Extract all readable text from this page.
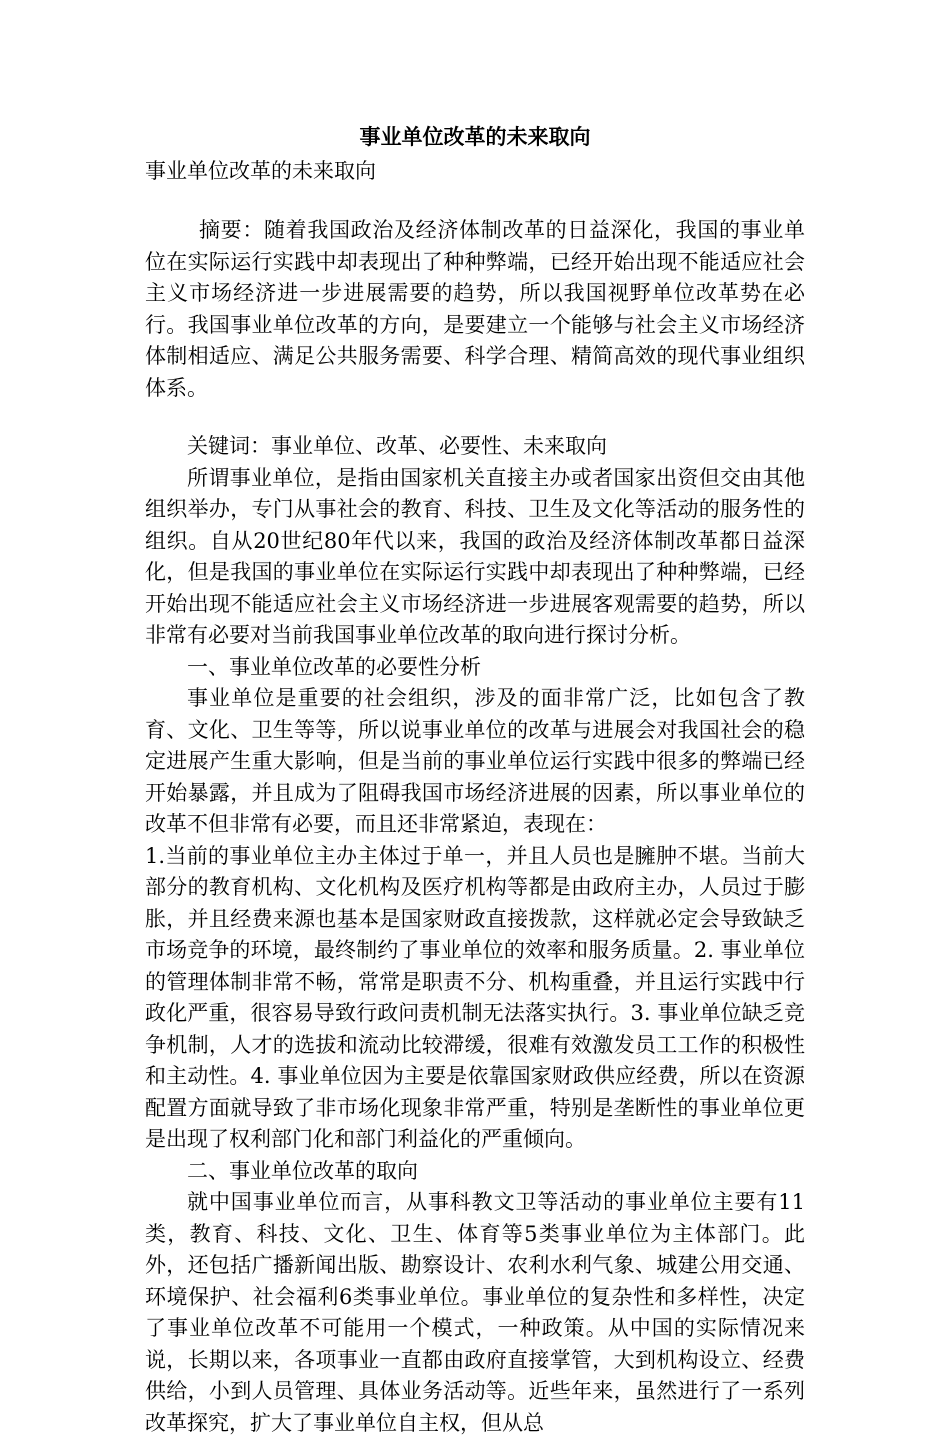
事业单位改革的未来取向

事业单位改革的未来取向

摘要：随着我国政治及经济体制改革的日益深化，我国的事业单位在实际运行实践中却表现出了种种弊端，已经开始出现不能适应社会主义市场经济进一步进展需要的趋势，所以我国视野单位改革势在必行。我国事业单位改革的方向，是要建立一个能够与社会主义市场经济体制相适应、满足公共服务需要、科学合理、精简高效的现代事业组织体系。

关键词：事业单位、改革、必要性、未来取向

所谓事业单位，是指由国家机关直接主办或者国家出资但交由其他组织举办，专门从事社会的教育、科技、卫生及文化等活动的服务性的组织。自从20世纪80年代以来，我国的政治及经济体制改革都日益深化，但是我国的事业单位在实际运行实践中却表现出了种种弊端，已经开始出现不能适应社会主义市场经济进一步进展客观需要的趋势，所以非常有必要对当前我国事业单位改革的取向进行探讨分析。

一、事业单位改革的必要性分析

事业单位是重要的社会组织，涉及的面非常广泛，比如包含了教育、文化、卫生等等，所以说事业单位的改革与进展会对我国社会的稳定进展产生重大影响，但是当前的事业单位运行实践中很多的弊端已经开始暴露，并且成为了阻碍我国市场经济进展的因素，所以事业单位的改革不但非常有必要，而且还非常紧迫，表现在：

1.当前的事业单位主办主体过于单一，并且人员也是臃肿不堪。当前大部分的教育机构、文化机构及医疗机构等都是由政府主办，人员过于膨胀，并且经费来源也基本是国家财政直接拨款，这样就必定会导致缺乏市场竞争的环境，最终制约了事业单位的效率和服务质量。2. 事业单位的管理体制非常不畅，常常是职责不分、机构重叠，并且运行实践中行政化严重，很容易导致行政问责机制无法落实执行。3. 事业单位缺乏竞争机制，人才的选拔和流动比较滞缓，很难有效激发员工工作的积极性和主动性。4. 事业单位因为主要是依靠国家财政供应经费，所以在资源配置方面就导致了非市场化现象非常严重，特别是垄断性的事业单位更是出现了权利部门化和部门利益化的严重倾向。

二、事业单位改革的取向

就中国事业单位而言，从事科教文卫等活动的事业单位主要有11类，教育、科技、文化、卫生、体育等5类事业单位为主体部门。此外，还包括广播新闻出版、勘察设计、农利水利气象、城建公用交通、环境保护、社会福利6类事业单位。事业单位的复杂性和多样性，决定了事业单位改革不可能用一个模式，一种政策。从中国的实际情况来说，长期以来，各项事业一直都由政府直接掌管，大到机构设立、经费供给，小到人员管理、具体业务活动等。近些年来，虽然进行了一系列改革探究，扩大了事业单位自主权，但从总
